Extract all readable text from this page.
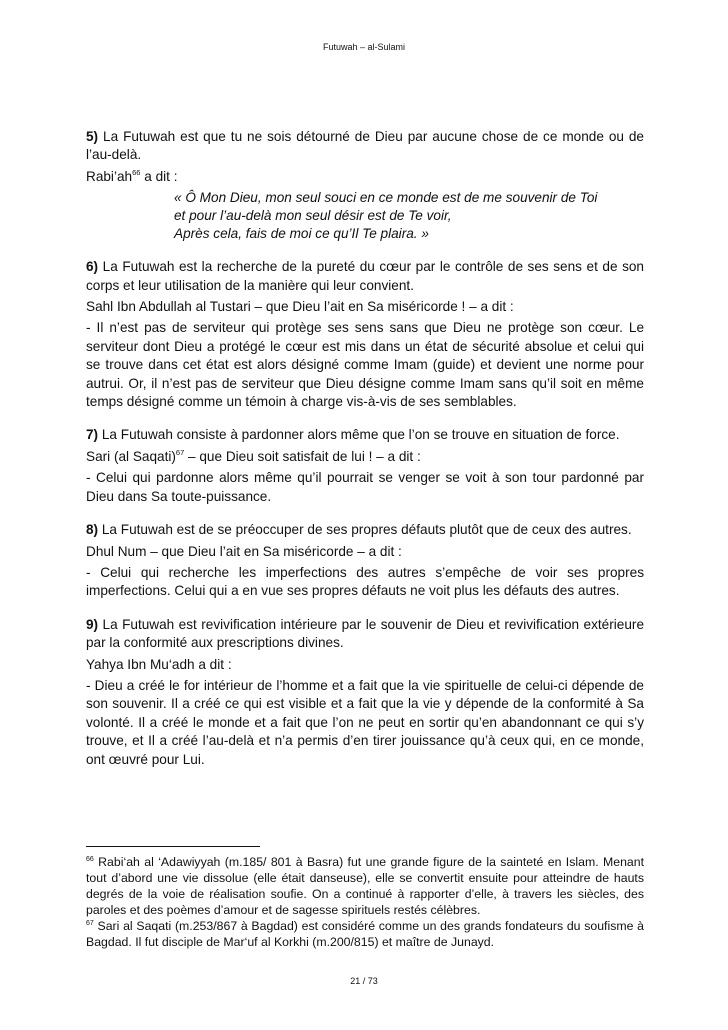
Futuwah – al-Sulami

5) La Futuwah est que tu ne sois détourné de Dieu par aucune chose de ce monde ou de l’au-delà.

$Rabi’ah^{66}$ a dit :

« Ô Mon Dieu, mon seul souci en ce monde est de me souvenir de Toi
et pour l’au-delà mon seul désir est de Te voir,
Après cela, fais de moi ce qu’Il Te plaira. »

6) La Futuwah est la recherche de la pureté du cœur par le contrôle de ses sens et de son corps et leur utilisation de la manière qui leur convient.

Sahl Ibn Abdullah al Tustari – que Dieu l’ait en Sa miséricorde ! – a dit :

- Il n’est pas de serviteur qui protège ses sens sans que Dieu ne protège son cœur. Le serviteur dont Dieu a protégé le cœur est mis dans un état de sécurité absolue et celui qui se trouve dans cet état est alors désigné comme Imam (guide) et devient une norme pour autrui. Or, il n’est pas de serviteur que Dieu désigne comme Imam sans qu’il soit en même temps désigné comme un témoin à charge vis-à-vis de ses semblables.

7) La Futuwah consiste à pardonner alors même que l’on se trouve en situation de force.

Sari (al Saqati)$^{67}$ – que Dieu soit satisfait de lui ! – a dit :

- Celui qui pardonne alors même qu’il pourrait se venger se voit à son tour pardonné par Dieu dans Sa toute-puissance.

8) La Futuwah est de se préoccuper de ses propres défauts plutôt que de ceux des autres.

Dhul Num – que Dieu l’ait en Sa miséricorde – a dit :

- Celui qui recherche les imperfections des autres s’empêche de voir ses propres imperfections. Celui qui a en vue ses propres défauts ne voit plus les défauts des autres.

9) La Futuwah est revivification intérieure par le souvenir de Dieu et revivification extérieure par la conformité aux prescriptions divines.

Yahya Ibn Mu‘adh a dit :

- Dieu a créé le for intérieur de l’homme et a fait que la vie spirituelle de celui-ci dépende de son souvenir. Il a créé ce qui est visible et a fait que la vie y dépende de la conformité à Sa volonté. Il a créé le monde et a fait que l’on ne peut en sortir qu’en abandonnant ce qui s’y trouve, et Il a créé l’au-delà et n’a permis d’en tirer jouissance qu’à ceux qui, en ce monde, ont œuvré pour Lui.

$^{66}$ Rabi‘ah al ‘Adawiyyah (m.185/ 801 à Basra) fut une grande figure de la sainteté en Islam. Menant tout d’abord une vie dissolue (elle était danseuse), elle se convertit ensuite pour atteindre de hauts degrés de la voie de réalisation soufie. On a continué à rapporter d’elle, à travers les siècles, des paroles et des poèmes d’amour et de sagesse spirituels restés célèbres.
$^{67}$ Sari al Saqati (m.253/867 à Bagdad) est considéré comme un des grands fondateurs du soufisme à Bagdad. Il fut disciple de Mar‘uf al Korkhi (m.200/815) et maître de Junayd.
21 / 73
